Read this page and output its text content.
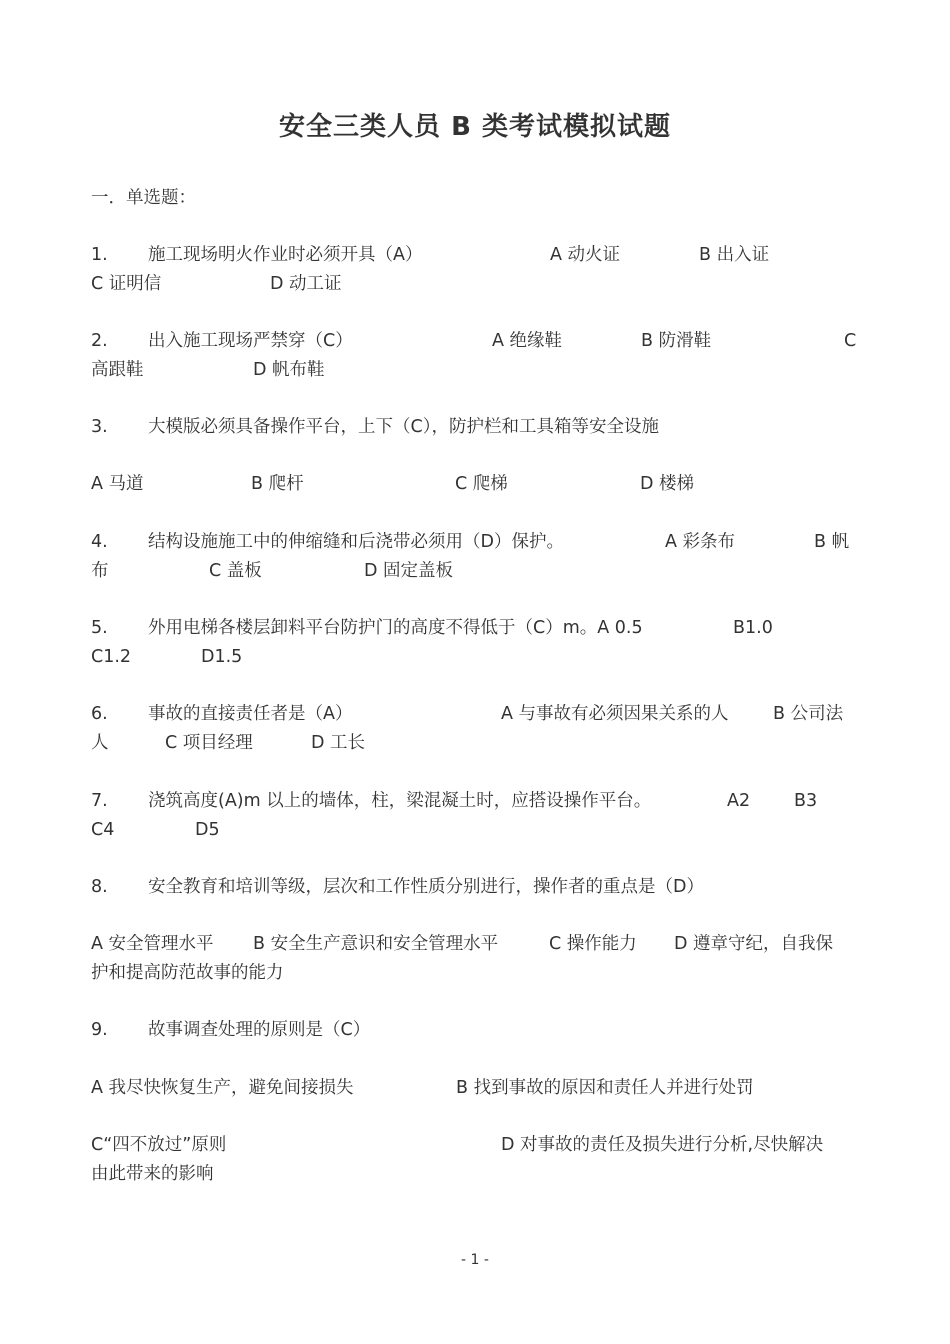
安全三类人员 B 类考试模拟试题
一．单选题：
1. 施工现场明火作业时必须开具（A）	A 动火证	B 出入证
C 证明信	D 动工证
2. 出入施工现场严禁穿（C）	A 绝缘鞋	B 防滑鞋	C
高跟鞋	D 帆布鞋
3. 大模版必须具备操作平台，上下（C），防护栏和工具箱等安全设施
A 马道	B 爬杆	C 爬梯	D 楼梯
4. 结构设施施工中的伸缩缝和后浇带必须用（D）保护。	A 彩条布	B 帆
布	C 盖板	D 固定盖板
5. 外用电梯各楼层卸料平台防护门的高度不得低于（C）m。A 0.5	B1.0
C1.2	D1.5
6. 事故的直接责任者是（A）	A 与事故有必须因果关系的人	B 公司法
人	C 项目经理	D 工长
7. 浇筑高度(A)m 以上的墙体，柱，梁混凝土时，应搭设操作平台。	A2	B3
C4	D5
8. 安全教育和培训等级，层次和工作性质分别进行，操作者的重点是（D）
A 安全管理水平 B 安全生产意识和安全管理水平	C 操作能力 D 遵章守纪，自我保
护和提高防范故事的能力
9. 故事调查处理的原则是（C）
A 我尽快恢复生产，避免间接损失	B 找到事故的原因和责任人并进行处罚
C“四不放过”原则	D 对事故的责任及损失进行分析,尽快解决
由此带来的影响
- 1 -
